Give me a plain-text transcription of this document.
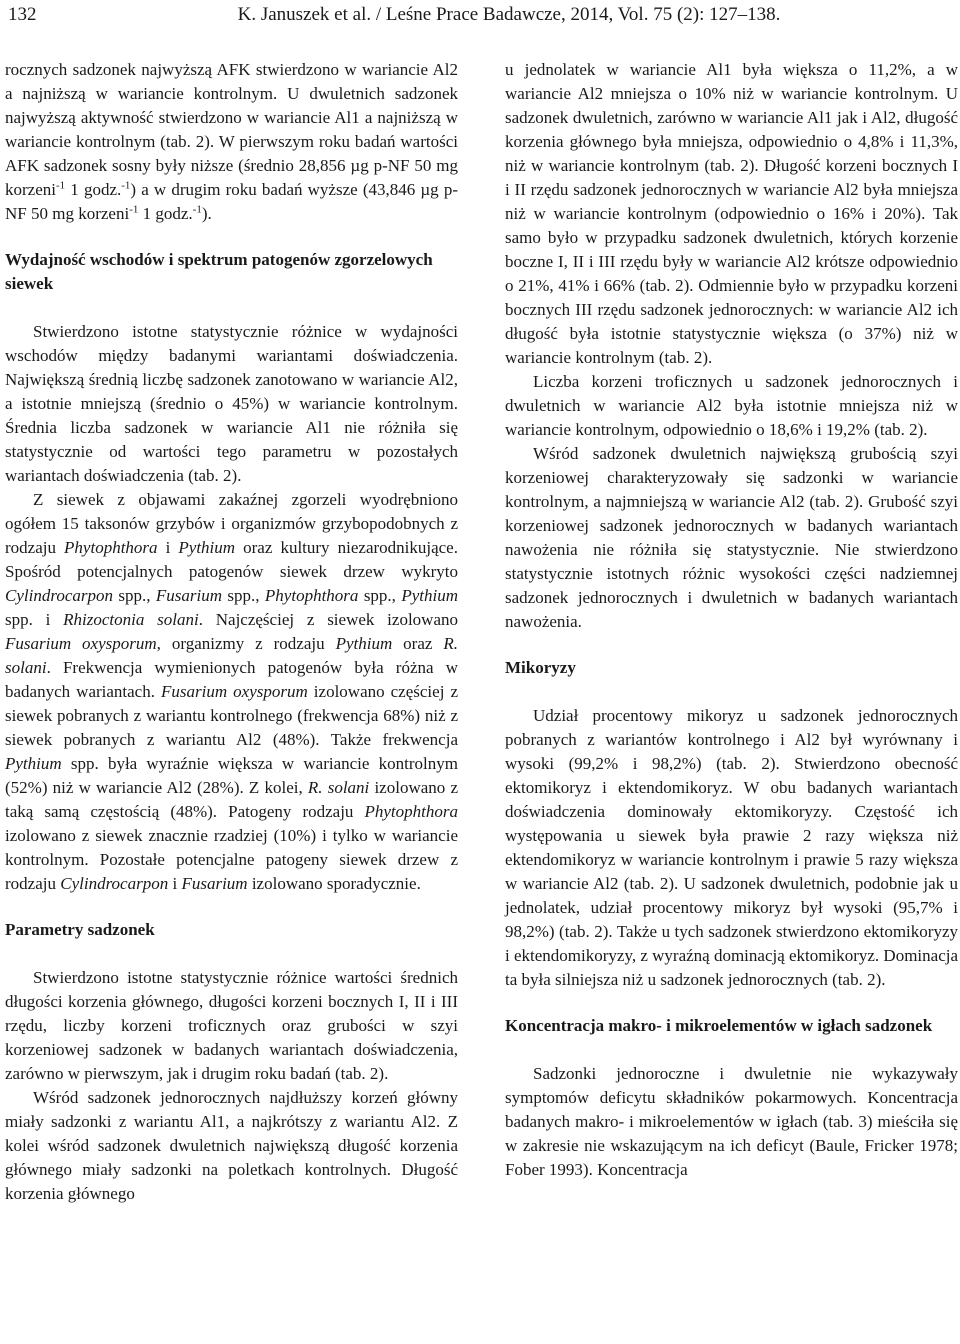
132	K. Januszek et al. / Leśne Prace Badawcze, 2014, Vol. 75 (2): 127–138.

rocznych sadzonek najwyższą AFK stwierdzono w wariancie Al2 a najniższą w wariancie kontrolnym. U dwuletnich sadzonek najwyższą aktywność stwierdzono w wariancie Al1 a najniższą w wariancie kontrolnym (tab. 2). W pierwszym roku badań wartości AFK sadzonek sosny były niższe (średnio 28,856 µg p-NF 50 mg korzeni$^{-1}$ 1 godz.$^{-1}$) a w drugim roku badań wyższe (43,846 µg p-NF 50 mg korzeni$^{-1}$ 1 godz.$^{-1}$).

Wydajność wschodów i spektrum patogenów zgorzelowych siewek

Stwierdzono istotne statystycznie różnice w wydajności wschodów między badanymi wariantami doświadczenia. Największą średnią liczbę sadzonek zanotowano w wariancie Al2, a istotnie mniejszą (średnio o 45%) w wariancie kontrolnym. Średnia liczba sadzonek w wariancie Al1 nie różniła się statystycznie od wartości tego parametru w pozostałych wariantach doświadczenia (tab. 2).

Z siewek z objawami zakaźnej zgorzeli wyodrębniono ogółem 15 taksonów grzybów i organizmów grzybopodobnych z rodzaju Phytophthora i Pythium oraz kultury niezarodnikujące. Spośród potencjalnych patogenów siewek drzew wykryto Cylindrocarpon spp., Fusarium spp., Phytophthora spp., Pythium spp. i Rhizoctonia solani. Najczęściej z siewek izolowano Fusarium oxysporum, organizmy z rodzaju Pythium oraz R. solani. Frekwencja wymienionych patogenów była różna w badanych wariantach. Fusarium oxysporum izolowano częściej z siewek pobranych z wariantu kontrolnego (frekwencja 68%) niż z siewek pobranych z wariantu Al2 (48%). Także frekwencja Pythium spp. była wyraźnie większa w wariancie kontrolnym (52%) niż w wariancie Al2 (28%). Z kolei, R. solani izolowano z taką samą częstością (48%). Patogeny rodzaju Phytophthora izolowano z siewek znacznie rzadziej (10%) i tylko w wariancie kontrolnym. Pozostałe potencjalne patogeny siewek drzew z rodzaju Cylindrocarpon i Fusarium izolowano sporadycznie.

Parametry sadzonek

Stwierdzono istotne statystycznie różnice wartości średnich długości korzenia głównego, długości korzeni bocznych I, II i III rzędu, liczby korzeni troficznych oraz grubości w szyi korzeniowej sadzonek w badanych wariantach doświadczenia, zarówno w pierwszym, jak i drugim roku badań (tab. 2).

Wśród sadzonek jednorocznych najdłuższy korzeń główny miały sadzonki z wariantu Al1, a najkrótszy z wariantu Al2. Z kolei wśród sadzonek dwuletnich największą długość korzenia głównego miały sadzonki na poletkach kontrolnych. Długość korzenia głównego

u jednolatek w wariancie Al1 była większa o 11,2%, a w wariancie Al2 mniejsza o 10% niż w wariancie kontrolnym. U sadzonek dwuletnich, zarówno w wariancie Al1 jak i Al2, długość korzenia głównego była mniejsza, odpowiednio o 4,8% i 11,3%, niż w wariancie kontrolnym (tab. 2). Długość korzeni bocznych I i II rzędu sadzonek jednorocznych w wariancie Al2 była mniejsza niż w wariancie kontrolnym (odpowiednio o 16% i 20%). Tak samo było w przypadku sadzonek dwuletnich, których korzenie boczne I, II i III rzędu były w wariancie Al2 krótsze odpowiednio o 21%, 41% i 66% (tab. 2). Odmiennie było w przypadku korzeni bocznych III rzędu sadzonek jednorocznych: w wariancie Al2 ich długość była istotnie statystycznie większa (o 37%) niż w wariancie kontrolnym (tab. 2).

Liczba korzeni troficznych u sadzonek jednorocznych i dwuletnich w wariancie Al2 była istotnie mniejsza niż w wariancie kontrolnym, odpowiednio o 18,6% i 19,2% (tab. 2).

Wśród sadzonek dwuletnich największą grubością szyi korzeniowej charakteryzowały się sadzonki w wariancie kontrolnym, a najmniejszą w wariancie Al2 (tab. 2). Grubość szyi korzeniowej sadzonek jednorocznych w badanych wariantach nawożenia nie różniła się statystycznie. Nie stwierdzono statystycznie istotnych różnic wysokości części nadziemnej sadzonek jednorocznych i dwuletnich w badanych wariantach nawożenia.

Mikoryzy

Udział procentowy mikoryz u sadzonek jednorocznych pobranych z wariantów kontrolnego i Al2 był wyrównany i wysoki (99,2% i 98,2%) (tab. 2). Stwierdzono obecność ektomikoryz i ektendomikoryz. W obu badanych wariantach doświadczenia dominowały ektomikoryzy. Częstość ich występowania u siewek była prawie 2 razy większa niż ektendomikoryz w wariancie kontrolnym i prawie 5 razy większa w wariancie Al2 (tab. 2). U sadzonek dwuletnich, podobnie jak u jednolatek, udział procentowy mikoryz był wysoki (95,7% i 98,2%) (tab. 2). Także u tych sadzonek stwierdzono ektomikoryzy i ektendomikoryzy, z wyraźną dominacją ektomikoryz. Dominacja ta była silniejsza niż u sadzonek jednorocznych (tab. 2).

Koncentracja makro- i mikroelementów w igłach sadzonek

Sadzonki jednoroczne i dwuletnie nie wykazywały symptomów deficytu składników pokarmowych. Koncentracja badanych makro- i mikroelementów w igłach (tab. 3) mieściła się w zakresie nie wskazującym na ich deficyt (Baule, Fricker 1978; Fober 1993). Koncentracja
